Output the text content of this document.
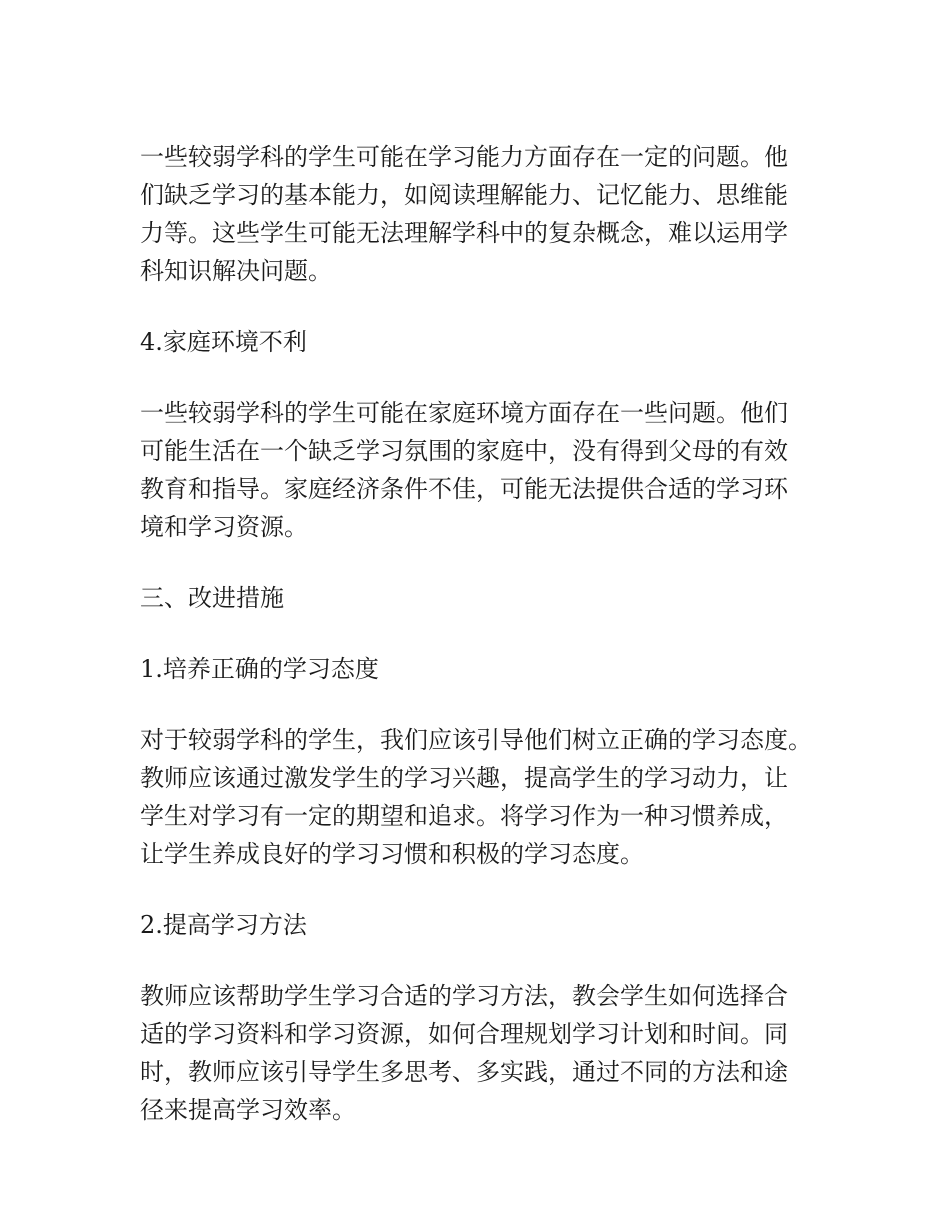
一些较弱学科的学生可能在学习能力方面存在一定的问题。他
们缺乏学习的基本能力，如阅读理解能力、记忆能力、思维能
力等。这些学生可能无法理解学科中的复杂概念，难以运用学
科知识解决问题。

4.家庭环境不利

一些较弱学科的学生可能在家庭环境方面存在一些问题。他们
可能生活在一个缺乏学习氛围的家庭中，没有得到父母的有效
教育和指导。家庭经济条件不佳，可能无法提供合适的学习环
境和学习资源。

三、改进措施

1.培养正确的学习态度

对于较弱学科的学生，我们应该引导他们树立正确的学习态度。
教师应该通过激发学生的学习兴趣，提高学生的学习动力，让
学生对学习有一定的期望和追求。将学习作为一种习惯养成，
让学生养成良好的学习习惯和积极的学习态度。

2.提高学习方法

教师应该帮助学生学习合适的学习方法，教会学生如何选择合
适的学习资料和学习资源，如何合理规划学习计划和时间。同
时，教师应该引导学生多思考、多实践，通过不同的方法和途
径来提高学习效率。
